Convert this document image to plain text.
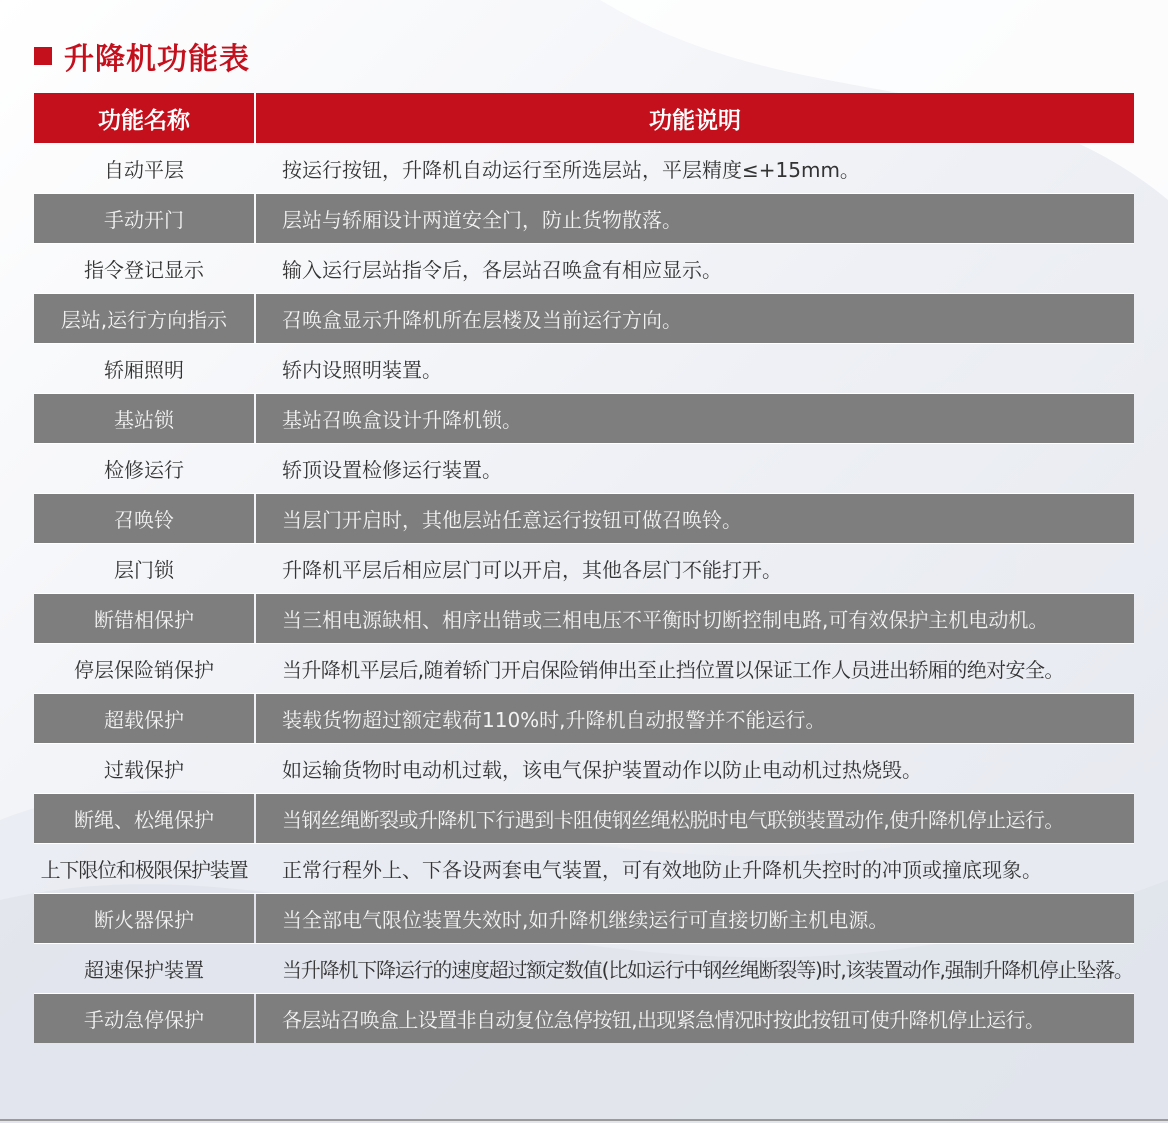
升降机功能表
功能名称	功能说明
自动平层	按运行按钮，升降机自动运行至所选层站，平层精度≤+15mm。
手动开门	层站与轿厢设计两道安全门，防止货物散落。
指令登记显示	输入运行层站指令后，各层站召唤盒有相应显示。
层站,运行方向指示	召唤盒显示升降机所在层楼及当前运行方向。
轿厢照明	轿内设照明装置。
基站锁	基站召唤盒设计升降机锁。
检修运行	轿顶设置检修运行装置。
召唤铃	当层门开启时，其他层站任意运行按钮可做召唤铃。
层门锁	升降机平层后相应层门可以开启，其他各层门不能打开。
断错相保护	当三相电源缺相、相序出错或三相电压不平衡时切断控制电路,可有效保护主机电动机。
停层保险销保护	当升降机平层后,随着轿门开启保险销伸出至止挡位置以保证工作人员进出轿厢的绝对安全。
超载保护	装载货物超过额定载荷110%时,升降机自动报警并不能运行。
过载保护	如运输货物时电动机过载，该电气保护装置动作以防止电动机过热烧毁。
断绳、松绳保护	当钢丝绳断裂或升降机下行遇到卡阻使钢丝绳松脱时电气联锁装置动作,使升降机停止运行。
上下限位和极限保护装置	正常行程外上、下各设两套电气装置，可有效地防止升降机失控时的冲顶或撞底现象。
断火器保护	当全部电气限位装置失效时,如升降机继续运行可直接切断主机电源。
超速保护装置	当升降机下降运行的速度超过额定数值(比如运行中钢丝绳断裂等)时,该装置动作,强制升降机停止坠落。
手动急停保护	各层站召唤盒上设置非自动复位急停按钮,出现紧急情况时按此按钮可使升降机停止运行。
